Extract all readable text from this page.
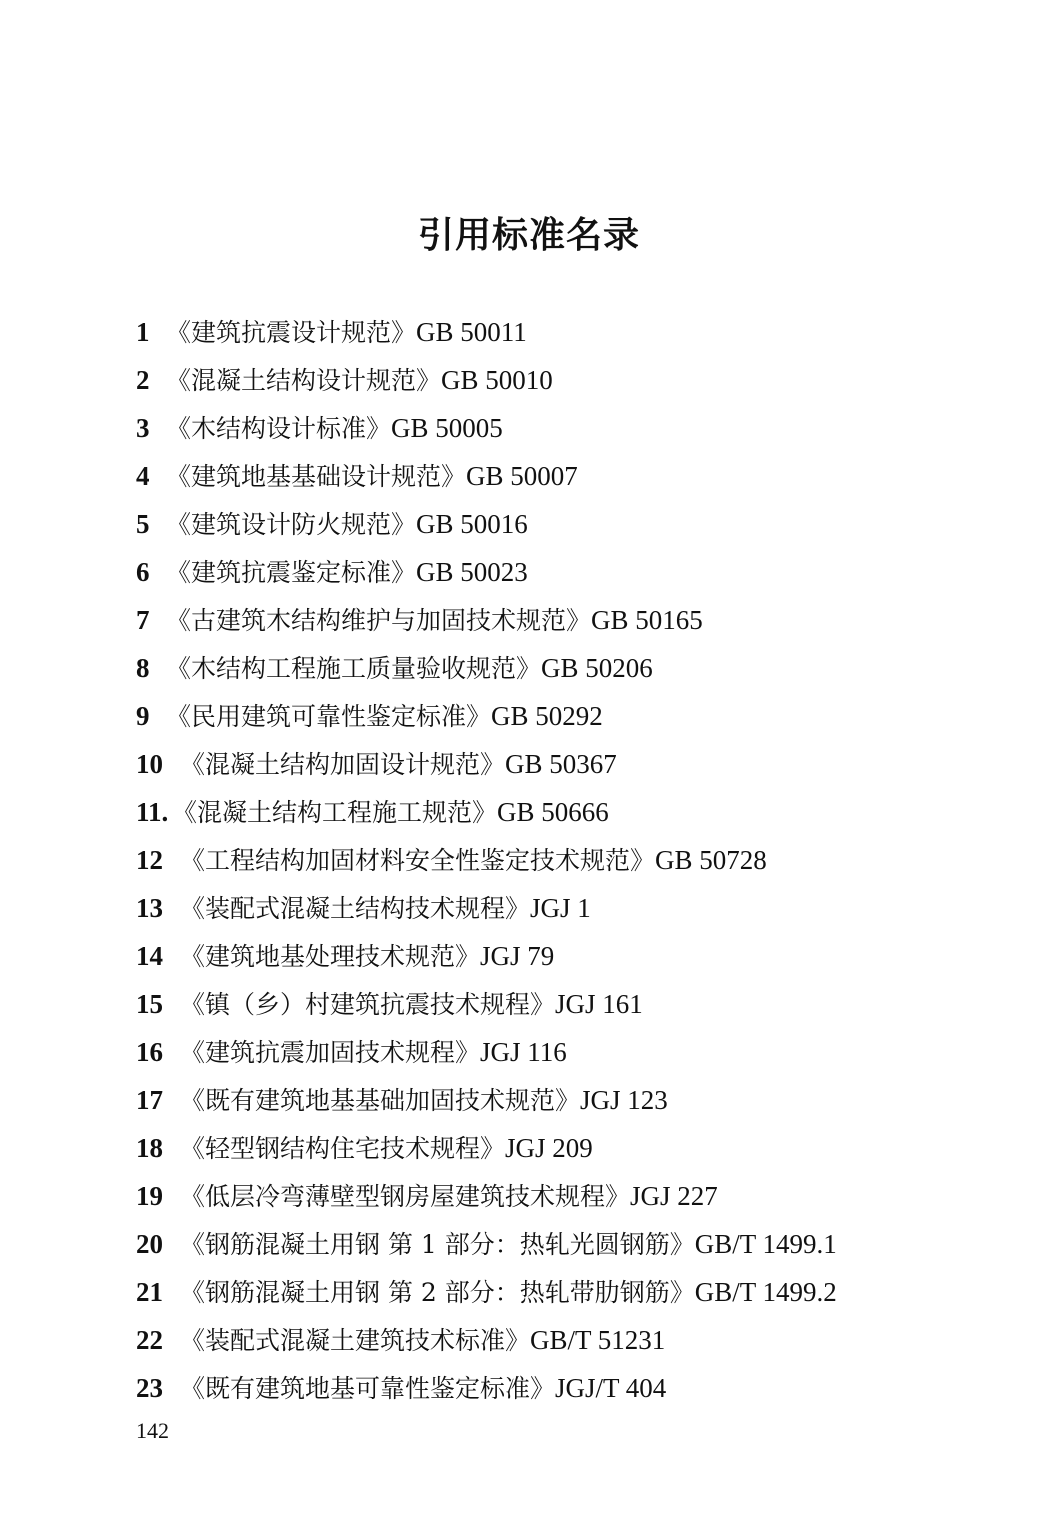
引用标准名录
1 《建筑抗震设计规范》GB 50011
2 《混凝土结构设计规范》GB 50010
3 《木结构设计标准》GB 50005
4 《建筑地基基础设计规范》GB 50007
5 《建筑设计防火规范》GB 50016
6 《建筑抗震鉴定标准》GB 50023
7 《古建筑木结构维护与加固技术规范》GB 50165
8 《木结构工程施工质量验收规范》GB 50206
9 《民用建筑可靠性鉴定标准》GB 50292
10 《混凝土结构加固设计规范》GB 50367
11. 《混凝土结构工程施工规范》GB 50666
12 《工程结构加固材料安全性鉴定技术规范》GB 50728
13 《装配式混凝土结构技术规程》JGJ 1
14 《建筑地基处理技术规范》JGJ 79
15 《镇（乡）村建筑抗震技术规程》JGJ 161
16 《建筑抗震加固技术规程》JGJ 116
17 《既有建筑地基基础加固技术规范》JGJ 123
18 《轻型钢结构住宅技术规程》JGJ 209
19 《低层冷弯薄壁型钢房屋建筑技术规程》JGJ 227
20 《钢筋混凝土用钢 第 1 部分：热轧光圆钢筋》GB/T 1499.1
21 《钢筋混凝土用钢 第 2 部分：热轧带肋钢筋》GB/T 1499.2
22 《装配式混凝土建筑技术标准》GB/T 51231
23 《既有建筑地基可靠性鉴定标准》JGJ/T 404
142
